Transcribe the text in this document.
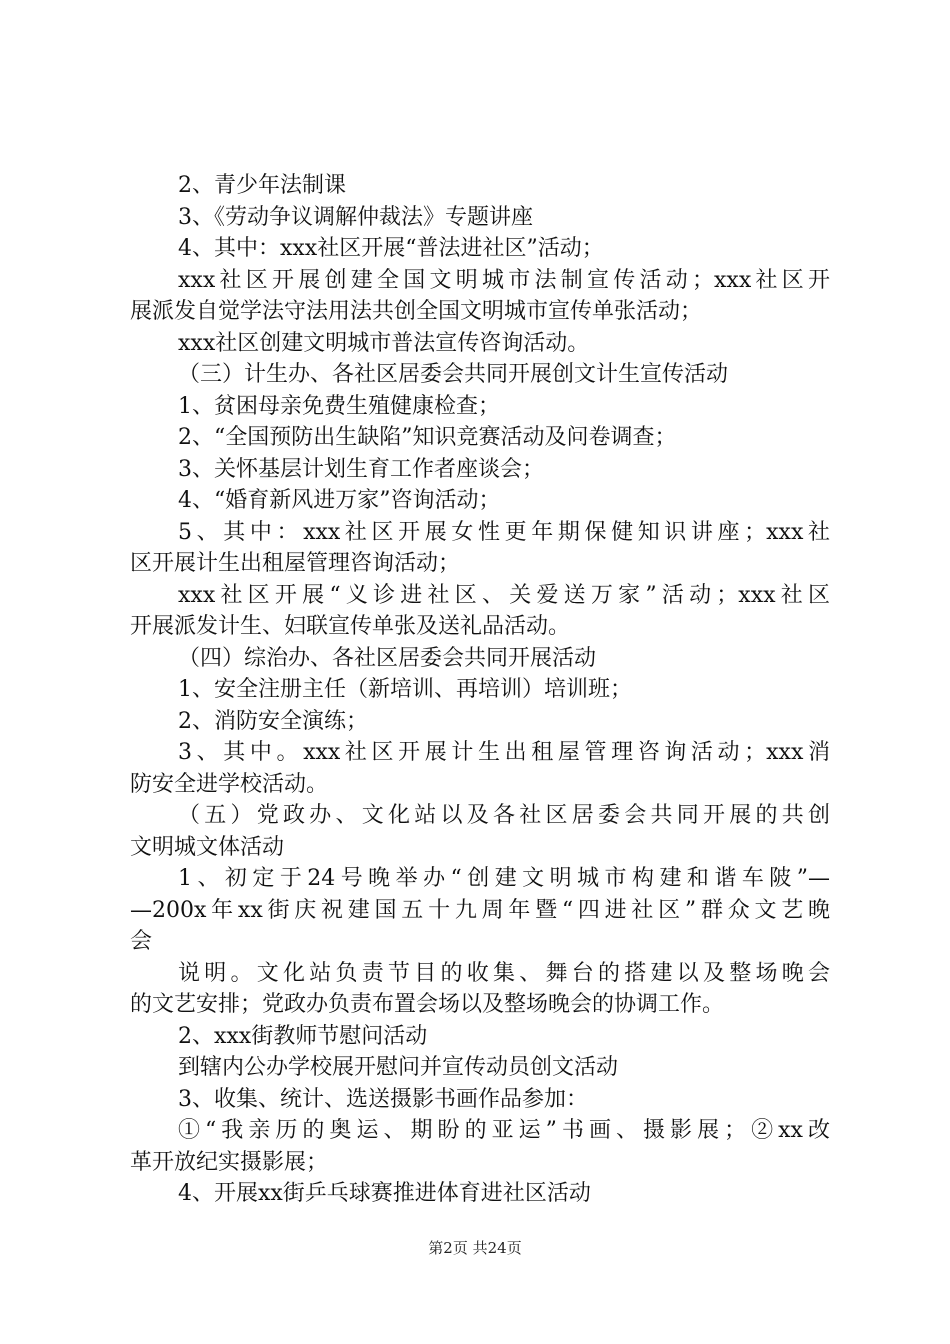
2、青少年法制课
3、《劳动争议调解仲裁法》专题讲座
4、其中：xxx社区开展“普法进社区”活动；
xxx社区开展创建全国文明城市法制宣传活动；xxx社区开
展派发自觉学法守法用法共创全国文明城市宣传单张活动；
xxx社区创建文明城市普法宣传咨询活动。
（三）计生办、各社区居委会共同开展创文计生宣传活动
1、贫困母亲免费生殖健康检查；
2、“全国预防出生缺陷”知识竞赛活动及问卷调查；
3、关怀基层计划生育工作者座谈会；
4、“婚育新风进万家”咨询活动；
5、其中：xxx社区开展女性更年期保健知识讲座；xxx社
区开展计生出租屋管理咨询活动；
xxx社区开展“义诊进社区、关爱送万家”活动；xxx社区
开展派发计生、妇联宣传单张及送礼品活动。
（四）综治办、各社区居委会共同开展活动
1、安全注册主任（新培训、再培训）培训班；
2、消防安全演练；
3、其中。xxx社区开展计生出租屋管理咨询活动；xxx消
防安全进学校活动。
（五）党政办、文化站以及各社区居委会共同开展的共创
文明城文体活动
1、初定于24号晚举办“创建文明城市构建和谐车陂”—
—200x年xx街庆祝建国五十九周年暨“四进社区”群众文艺晚
会
说明。文化站负责节目的收集、舞台的搭建以及整场晚会
的文艺安排；党政办负责布置会场以及整场晚会的协调工作。
2、xxx街教师节慰问活动
到辖内公办学校展开慰问并宣传动员创文活动
3、收集、统计、选送摄影书画作品参加：
①“我亲历的奥运、期盼的亚运”书画、摄影展；②xx改
革开放纪实摄影展；
4、开展xx街乒乓球赛推进体育进社区活动
第2页 共24页
